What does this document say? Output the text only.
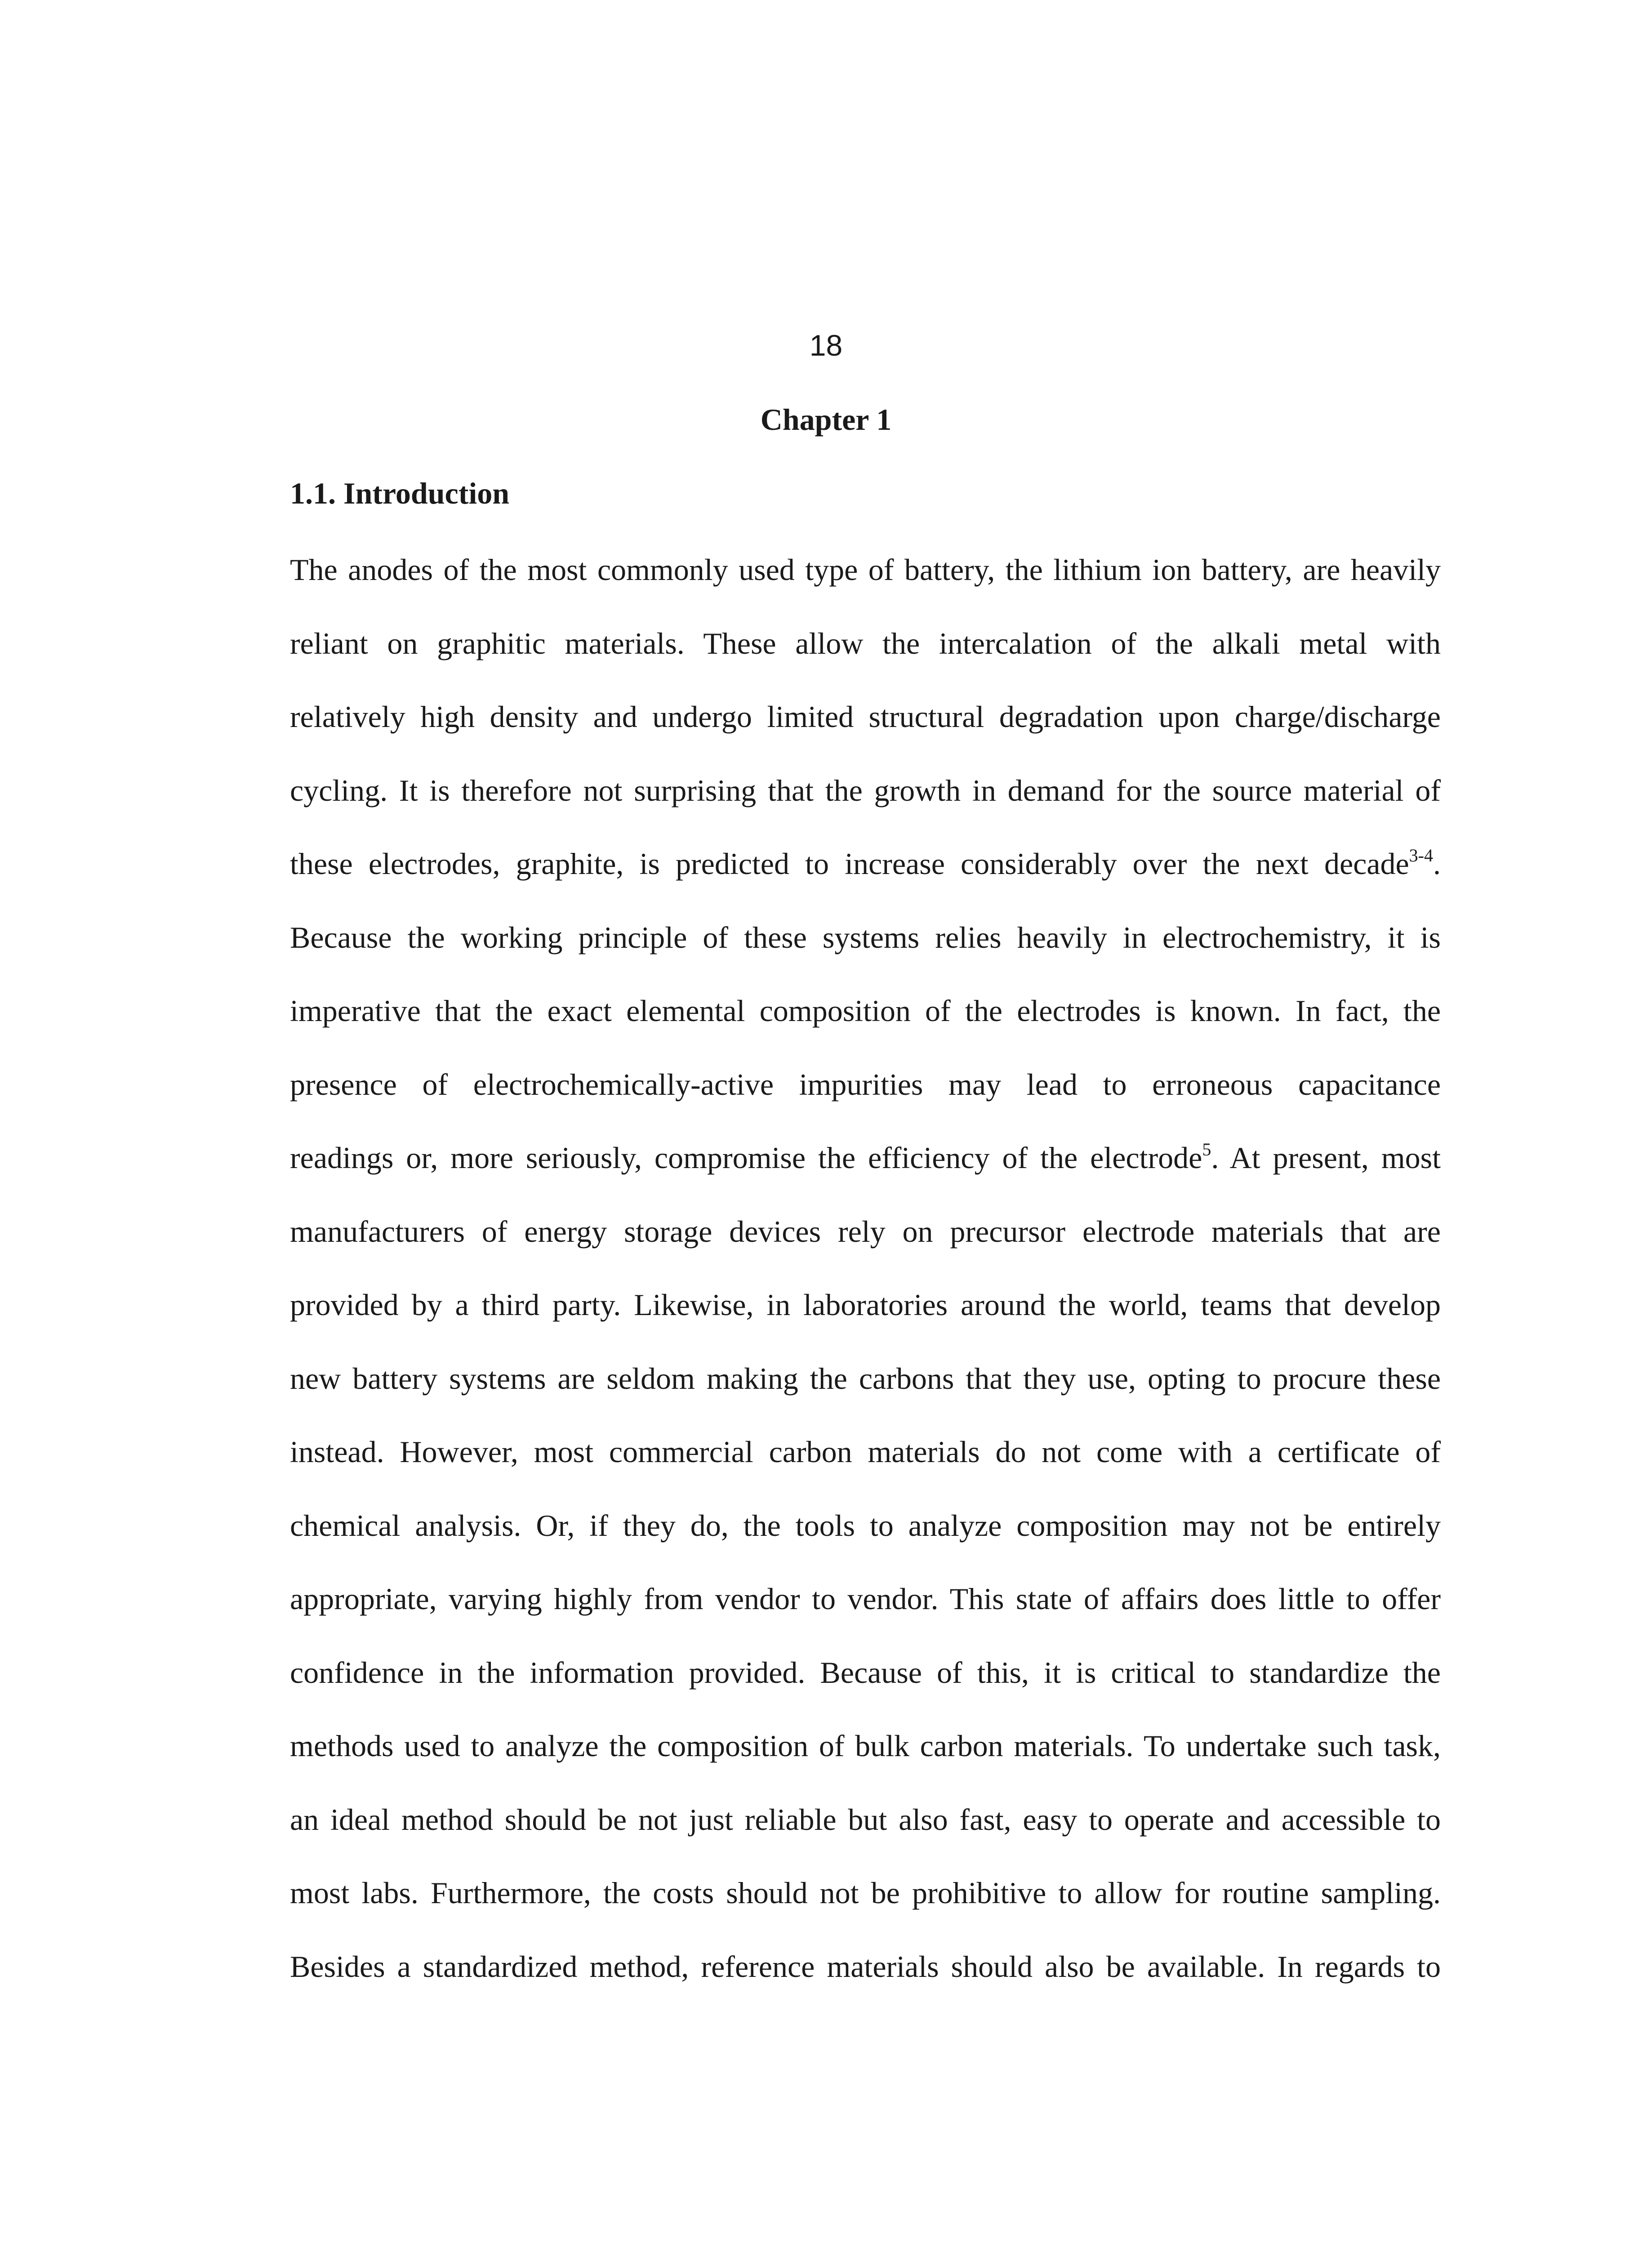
18
Chapter 1
1.1. Introduction
The anodes of the most commonly used type of battery, the lithium ion battery, are heavily
reliant on graphitic materials. These allow the intercalation of the alkali metal with
relatively high density and undergo limited structural degradation upon charge/discharge
cycling. It is therefore not surprising that the growth in demand for the source material of
these electrodes, graphite, is predicted to increase considerably over the next decade$^{3-4}$.
Because the working principle of these systems relies heavily in electrochemistry, it is
imperative that the exact elemental composition of the electrodes is known. In fact, the
presence of electrochemically-active impurities may lead to erroneous capacitance
readings or, more seriously, compromise the efficiency of the electrode$^5$. At present, most
manufacturers of energy storage devices rely on precursor electrode materials that are
provided by a third party. Likewise, in laboratories around the world, teams that develop
new battery systems are seldom making the carbons that they use, opting to procure these
instead. However, most commercial carbon materials do not come with a certificate of
chemical analysis. Or, if they do, the tools to analyze composition may not be entirely
appropriate, varying highly from vendor to vendor. This state of affairs does little to offer
confidence in the information provided. Because of this, it is critical to standardize the
methods used to analyze the composition of bulk carbon materials. To undertake such task,
an ideal method should be not just reliable but also fast, easy to operate and accessible to
most labs. Furthermore, the costs should not be prohibitive to allow for routine sampling.
Besides a standardized method, reference materials should also be available. In regards to
